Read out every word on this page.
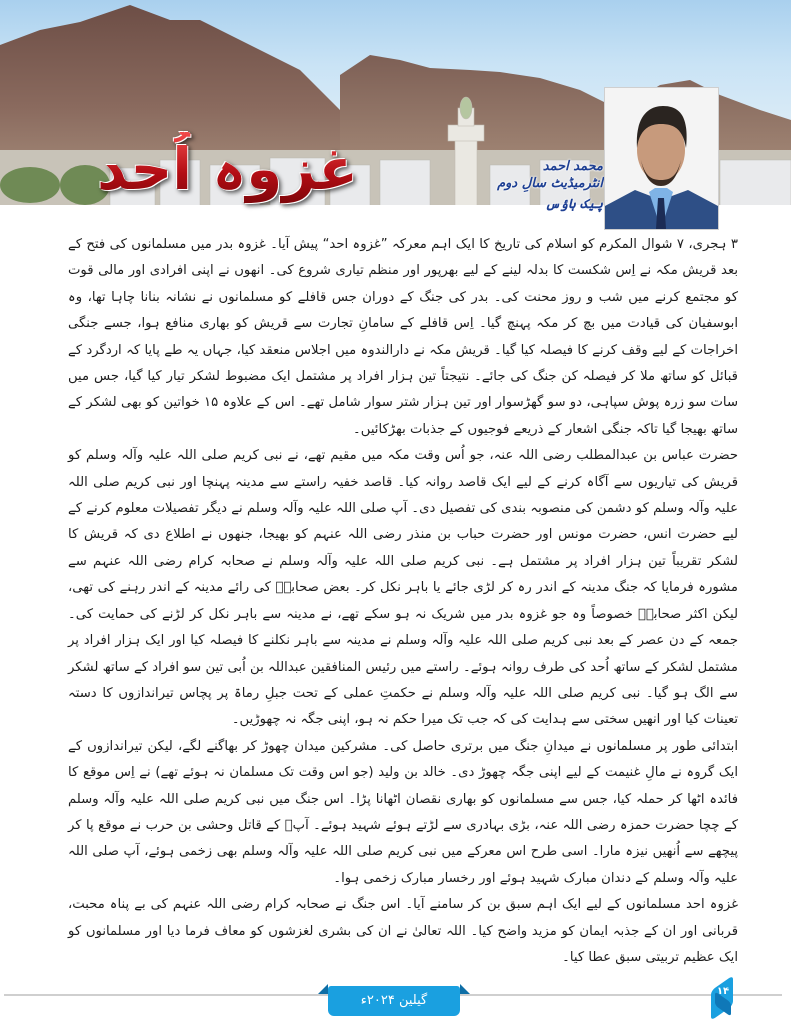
غزوہ اُحد	محمد احمد
انٹرمیڈیٹ سالِ دوم
پیک ہاؤس

۳ ہجری، ۷ شوال المکرم کو اسلام کی تاریخ کا ایک اہم معرکہ ”غزوہ احد“ پیش آیا۔ غزوہ بدر میں مسلمانوں کی فتح کے بعد قریش مکہ نے اِس شکست کا بدلہ لینے کے لیے بھرپور اور منظم تیاری شروع کی۔ انھوں نے اپنی افرادی اور مالی قوت کو مجتمع کرنے میں شب و روز محنت کی۔ بدر کی جنگ کے دوران جس قافلے کو مسلمانوں نے نشانہ بنانا چاہا تھا، وہ ابوسفیان کی قیادت میں بچ کر مکہ پہنچ گیا۔ اِس قافلے کے سامانِ تجارت سے قریش کو بھاری منافع ہوا، جسے جنگی اخراجات کے لیے وقف کرنے کا فیصلہ کیا گیا۔ قریش مکہ نے دارالندوہ میں اجلاس منعقد کیا، جہاں یہ طے پایا کہ اردگرد کے قبائل کو ساتھ ملا کر فیصلہ کن جنگ کی جائے۔ نتیجتاً تین ہزار افراد پر مشتمل ایک مضبوط لشکر تیار کیا گیا، جس میں سات سو زرہ پوش سپاہی، دو سو گھڑسوار اور تین ہزار شتر سوار شامل تھے۔ اس کے علاوہ ۱۵ خواتین کو بھی لشکر کے ساتھ بھیجا گیا تاکہ جنگی اشعار کے ذریعے فوجیوں کے جذبات بھڑکائیں۔

حضرت عباس بن عبدالمطلب رضی اللہ عنہ، جو اُس وقت مکہ میں مقیم تھے، نے نبی کریم صلی اللہ علیہ وآلہ وسلم کو قریش کی تیاریوں سے آگاہ کرنے کے لیے ایک قاصد روانہ کیا۔ قاصد خفیہ راستے سے مدینہ پہنچا اور نبی کریم صلی اللہ علیہ وآلہ وسلم کو دشمن کی منصوبہ بندی کی تفصیل دی۔ آپ صلی اللہ علیہ وآلہ وسلم نے دیگر تفصیلات معلوم کرنے کے لیے حضرت انس، حضرت مونس اور حضرت حباب بن منذر رضی اللہ عنہم کو بھیجا، جنھوں نے اطلاع دی کہ قریش کا لشکر تقریباً تین ہزار افراد پر مشتمل ہے۔ نبی کریم صلی اللہ علیہ وآلہ وسلم نے صحابہ کرام رضی اللہ عنہم سے مشورہ فرمایا کہ جنگ مدینہ کے اندر رہ کر لڑی جائے یا باہر نکل کر۔ بعض صحابہؓ کی رائے مدینہ کے اندر رہنے کی تھی، لیکن اکثر صحابہؓ خصوصاً وہ جو غزوہ بدر میں شریک نہ ہو سکے تھے، نے مدینہ سے باہر نکل کر لڑنے کی حمایت کی۔ جمعہ کے دن عصر کے بعد نبی کریم صلی اللہ علیہ وآلہ وسلم نے مدینہ سے باہر نکلنے کا فیصلہ کیا اور ایک ہزار افراد پر مشتمل لشکر کے ساتھ اُحد کی طرف روانہ ہوئے۔ راستے میں رئیس المنافقین عبداللہ بن اُبی تین سو افراد کے ساتھ لشکر سے الگ ہو گیا۔ نبی کریم صلی اللہ علیہ وآلہ وسلم نے حکمتِ عملی کے تحت جبلِ رماۃ پر پچاس تیراندازوں کا دستہ تعینات کیا اور انھیں سختی سے ہدایت کی کہ جب تک میرا حکم نہ ہو، اپنی جگہ نہ چھوڑیں۔

ابتدائی طور پر مسلمانوں نے میدانِ جنگ میں برتری حاصل کی۔ مشرکین میدان چھوڑ کر بھاگنے لگے، لیکن تیراندازوں کے ایک گروہ نے مالِ غنیمت کے لیے اپنی جگہ چھوڑ دی۔ خالد بن ولید (جو اس وقت تک مسلمان نہ ہوئے تھے) نے اِس موقع کا فائدہ اٹھا کر حملہ کیا، جس سے مسلمانوں کو بھاری نقصان اٹھانا پڑا۔ اس جنگ میں نبی کریم صلی اللہ علیہ وآلہ وسلم کے چچا حضرت حمزہ رضی اللہ عنہ، بڑی بہادری سے لڑتے ہوئے شہید ہوئے۔ آپؓ کے قاتل وحشی بن حرب نے موقع پا کر پیچھے سے اُنھیں نیزہ مارا۔ اسی طرح اس معرکے میں نبی کریم صلی اللہ علیہ وآلہ وسلم بھی زخمی ہوئے، آپ صلی اللہ علیہ وآلہ وسلم کے دندان مبارک شہید ہوئے اور رخسار مبارک زخمی ہوا۔

غزوہ احد مسلمانوں کے لیے ایک اہم سبق بن کر سامنے آیا۔ اس جنگ نے صحابہ کرام رضی اللہ عنہم کی بے پناہ محبت، قربانی اور ان کے جذبہ ایمان کو مزید واضح کیا۔ اللہ تعالیٰ نے ان کی بشری لغزشوں کو معاف فرما دیا اور مسلمانوں کو ایک عظیم تربیتی سبق عطا کیا۔

گیلین ۲۰۲۴ء
۱۴
